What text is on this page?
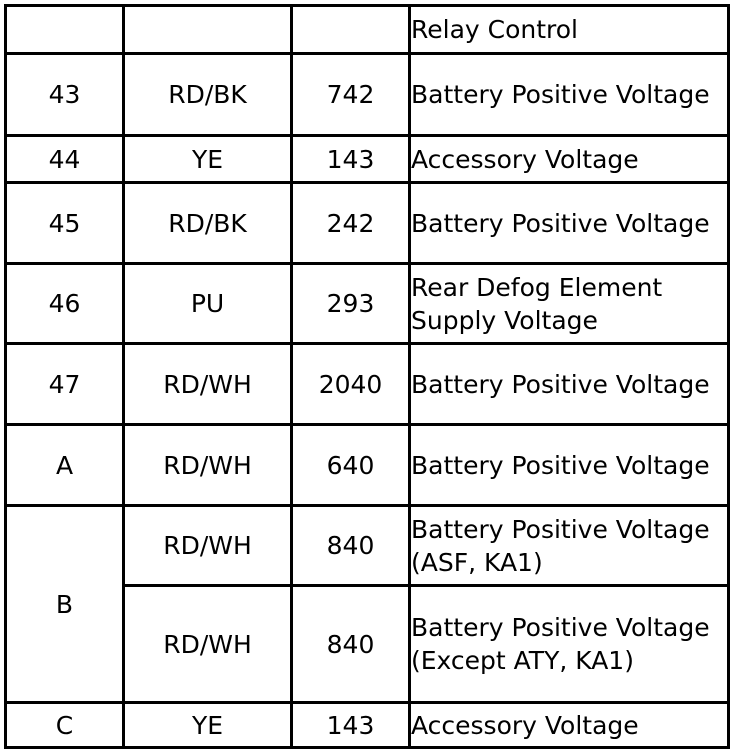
			Relay Control
43	RD/BK	742	Battery Positive Voltage
44	YE	143	Accessory Voltage
45	RD/BK	242	Battery Positive Voltage
46	PU	293	Rear Defog Element Supply Voltage
47	RD/WH	2040	Battery Positive Voltage
A	RD/WH	640	Battery Positive Voltage
B	RD/WH	840	Battery Positive Voltage (ASF, KA1)
	RD/WH	840	Battery Positive Voltage (Except ATY, KA1)
C	YE	143	Accessory Voltage
